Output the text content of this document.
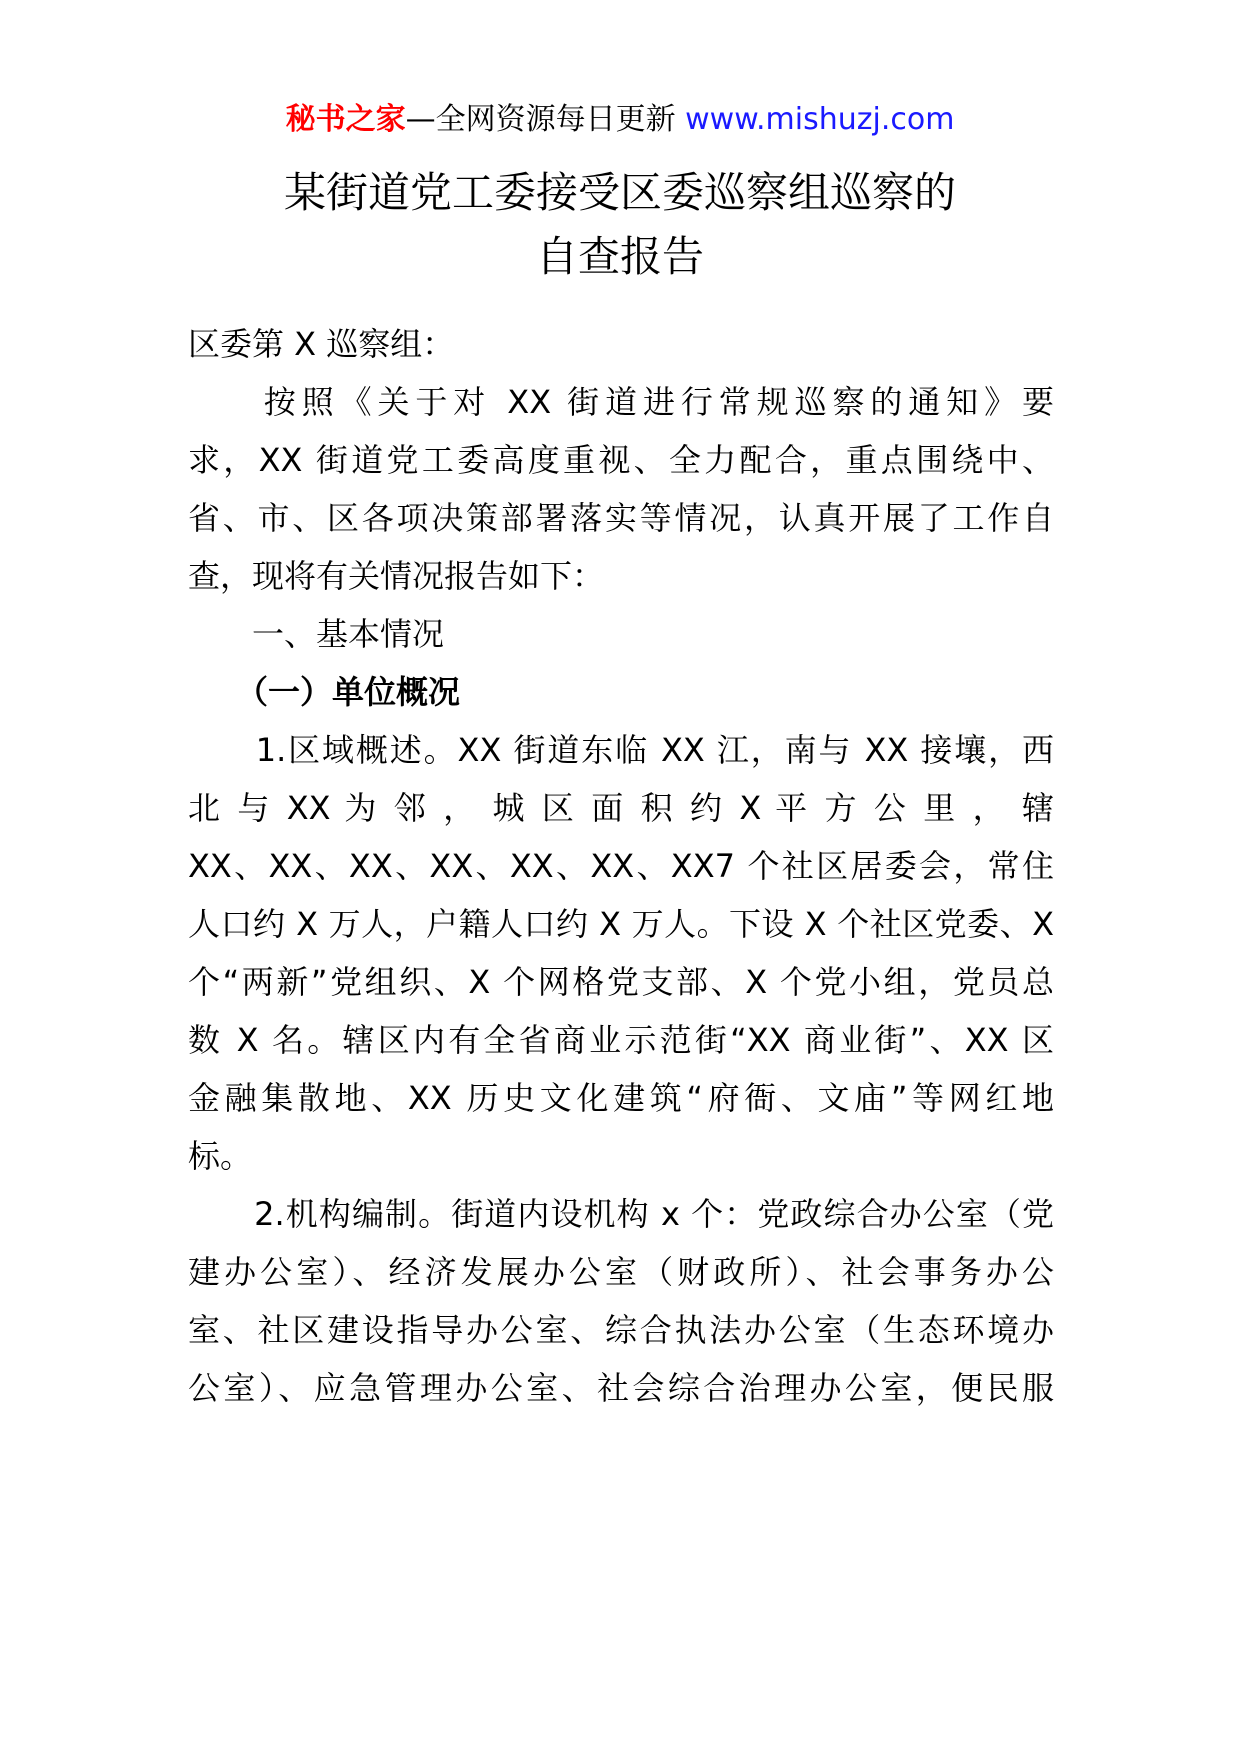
秘书之家—全网资源每日更新 www.mishuzj.com
某街道党工委接受区委巡察组巡察的
自查报告
区委第 X 巡察组：
　　按照《关于对 XX 街道进行常规巡察的通知》要
求，XX 街道党工委高度重视、全力配合，重点围绕中、
省、市、区各项决策部署落实等情况，认真开展了工作自
查，现将有关情况报告如下：
　　一、基本情况
　　（一）单位概况
　　1.区域概述。XX 街道东临 XX 江，南与 XX 接壤，西
北 与 XX 为 邻 ， 城 区 面 积 约 X 平 方 公 里 ， 辖
XX、XX、XX、XX、XX、XX、XX7 个社区居委会，常住
人口约 X 万人，户籍人口约 X 万人。下设 X 个社区党委、X
个“两新”党组织、X 个网格党支部、X 个党小组，党员总
数 X 名。辖区内有全省商业示范街“XX 商业街”、XX 区
金融集散地、XX 历史文化建筑“府衙、文庙”等网红地
标。
　　2.机构编制。街道内设机构 x 个：党政综合办公室（党
建办公室）、经济发展办公室（财政所）、社会事务办公
室、社区建设指导办公室、综合执法办公室（生态环境办
公室）、应急管理办公室、社会综合治理办公室，便民服
